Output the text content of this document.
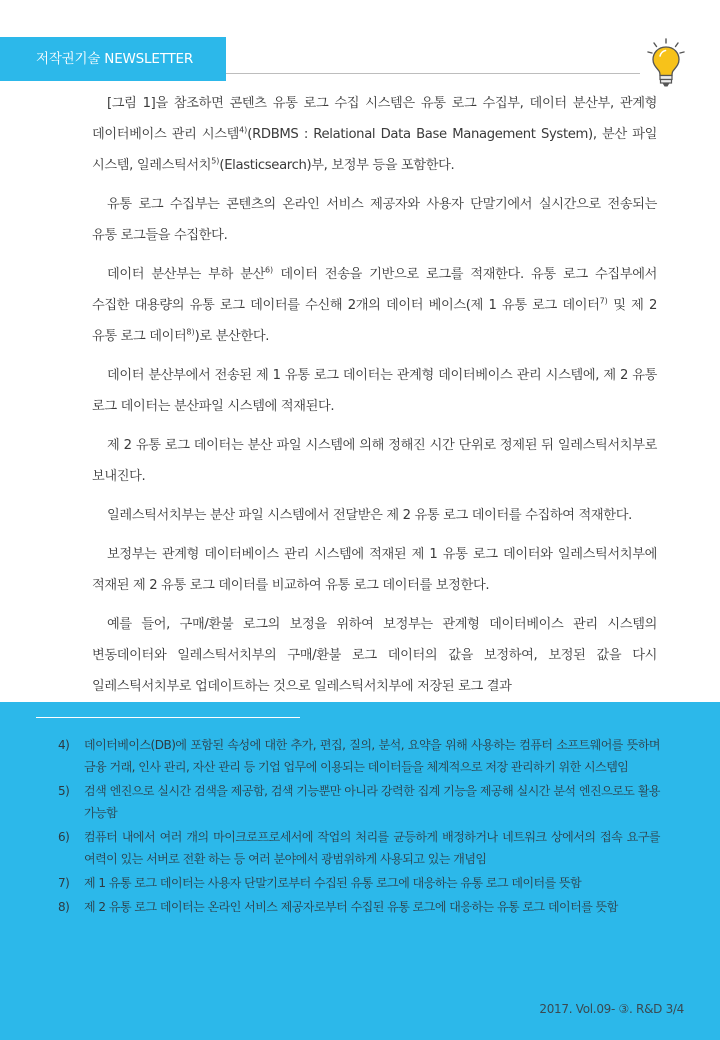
저작권기술 NEWSLETTER

[그림 1]을 참조하면 콘텐츠 유통 로그 수집 시스템은 유통 로그 수집부, 데이터 분산부, 관계형 데이터베이스 관리 시스템$^{4)}$(RDBMS : Relational Data Base Management System), 분산 파일 시스템, 일레스틱서치$^{5)}$(Elasticsearch)부, 보정부 등을 포함한다.

유통 로그 수집부는 콘텐츠의 온라인 서비스 제공자와 사용자 단말기에서 실시간으로 전송되는 유통 로그들을 수집한다.

데이터 분산부는 부하 분산$^{6)}$ 데이터 전송을 기반으로 로그를 적재한다. 유통 로그 수집부에서 수집한 대용량의 유통 로그 데이터를 수신해 2개의 데이터 베이스(제 1 유통 로그 데이터$^{7)}$ 및 제 2 유통 로그 데이터$^{8)}$)로 분산한다.

데이터 분산부에서 전송된 제 1 유통 로그 데이터는 관계형 데이터베이스 관리 시스템에, 제 2 유통 로그 데이터는 분산파일 시스템에 적재된다.

제 2 유통 로그 데이터는 분산 파일 시스템에 의해 정해진 시간 단위로 정제된 뒤 일레스틱서치부로 보내진다.

일레스틱서치부는 분산 파일 시스템에서 전달받은 제 2 유통 로그 데이터를 수집하여 적재한다.

보정부는 관계형 데이터베이스 관리 시스템에 적재된 제 1 유통 로그 데이터와 일레스틱서치부에 적재된 제 2 유통 로그 데이터를 비교하여 유통 로그 데이터를 보정한다.

예를 들어, 구매/환불 로그의 보정을 위하여 보정부는 관계형 데이터베이스 관리 시스템의 변동데이터와 일레스틱서치부의 구매/환불 로그 데이터의 값을 보정하여, 보정된 값을 다시 일레스틱서치부로 업데이트하는 것으로 일레스틱서치부에 저장된 로그 결과

4)	데이터베이스(DB)에 포함된 속성에 대한 추가, 편집, 질의, 분석, 요약을 위해 사용하는 컴퓨터 소프트웨어를 뜻하며 금융 거래, 인사 관리, 자산 관리 등 기업 업무에 이용되는 데이터들을 체계적으로 저장 관리하기 위한 시스템임
5)	검색 엔진으로 실시간 검색을 제공함, 검색 기능뿐만 아니라 강력한 집계 기능을 제공해 실시간 분석 엔진으로도 활용 가능함
6)	컴퓨터 내에서 여러 개의 마이크로프로세서에 작업의 처리를 균등하게 배정하거나 네트워크 상에서의 접속 요구를 여력이 있는 서버로 전환 하는 등 여러 분야에서 광범위하게 사용되고 있는 개념임
7)	제 1 유통 로그 데이터는 사용자 단말기로부터 수집된 유통 로그에 대응하는 유통 로그 데이터를 뜻함
8)	제 2 유통 로그 데이터는 온라인 서비스 제공자로부터 수집된 유통 로그에 대응하는 유통 로그 데이터를 뜻함
2017. Vol.09- ③. R&D 3/4
